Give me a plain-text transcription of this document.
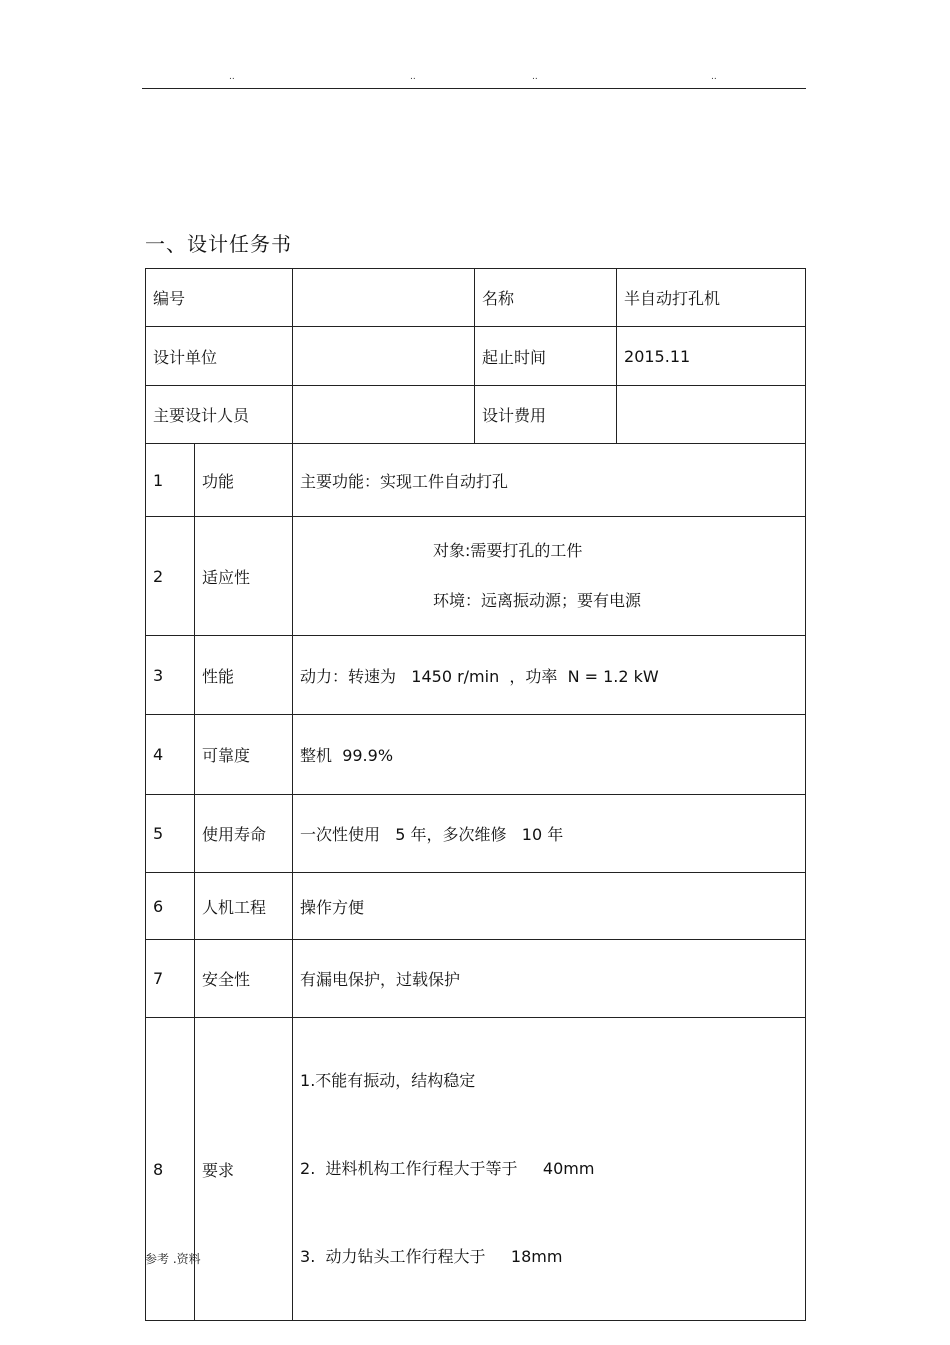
..	..	..	..
一、设计任务书
编号			名称	半自动打孔机
设计单位			起止时间	2015.11
主要设计人员			设计费用	
1	功能	主要功能：实现工件自动打孔		
2	适应性	对象:需要打孔的工件
环境：远离振动源；要有电源		

3	性能	动力：转速为   1450 r/min  ，功率  N = 1.2 kW		
4	可靠度	整机  99.9%		
5	使用寿命	一次性使用   5 年，多次维修   10 年		
6	人机工程	操作方便		
7	安全性	有漏电保护，过载保护		
8	要求	1.不能有振动，结构稳定

2.  进料机构工作行程大于等于     40mm

3.  动力钻头工作行程大于     18mm		

参考 .资料
